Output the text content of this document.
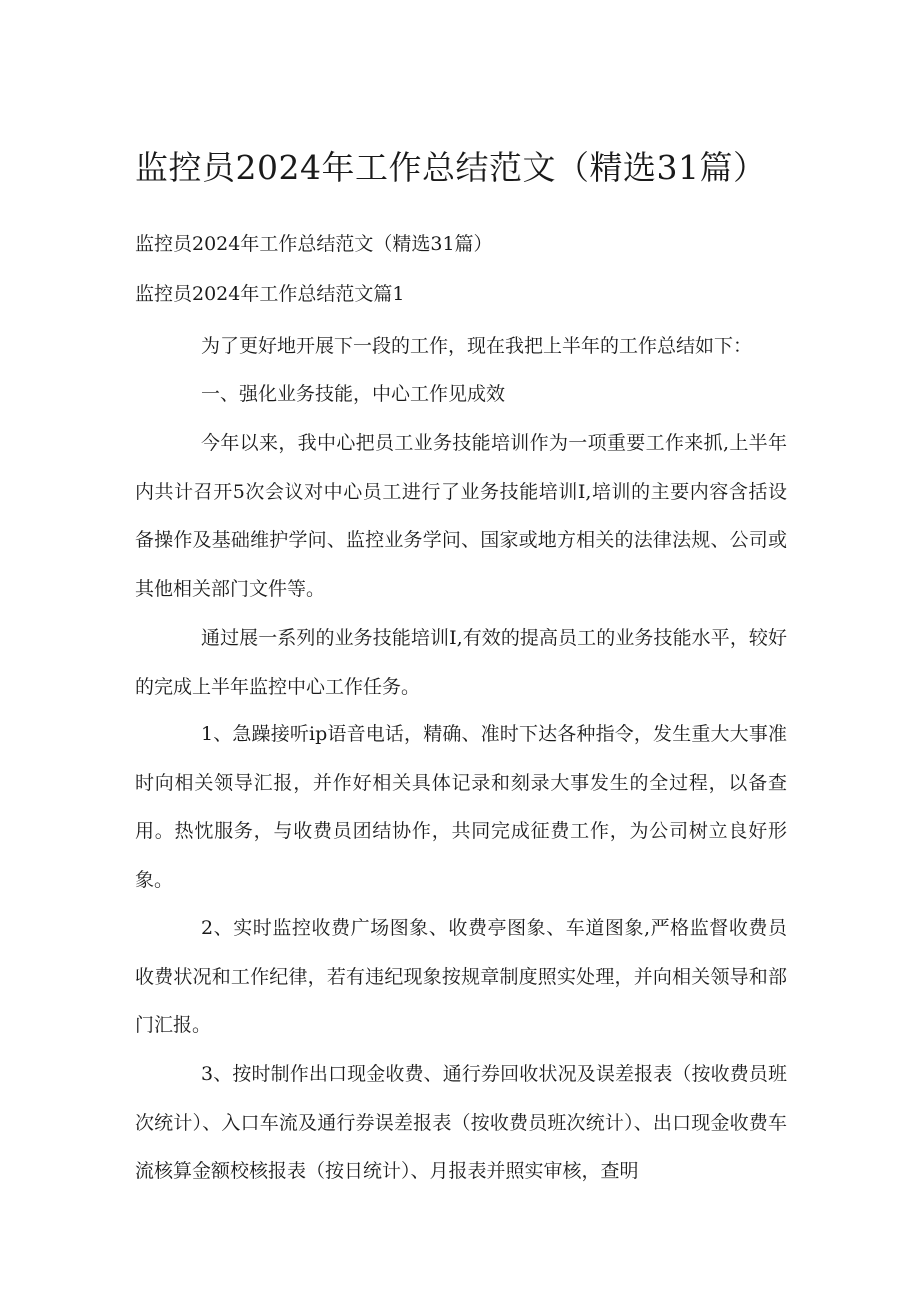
监控员2024年工作总结范文（精选31篇）

监控员2024年工作总结范文（精选31篇）

监控员2024年工作总结范文篇1

为了更好地开展下一段的工作，现在我把上半年的工作总结如下：

一、强化业务技能，中心工作见成效

今年以来，我中心把员工业务技能培训作为一项重要工作来抓,上半年内共计召开5次会议对中心员工进行了业务技能培训I,培训的主要内容含括设备操作及基础维护学问、监控业务学问、国家或地方相关的法律法规、公司或其他相关部门文件等。

通过展一系列的业务技能培训I,有效的提高员工的业务技能水平，较好的完成上半年监控中心工作任务。

1、急躁接听ip语音电话，精确、准时下达各种指令，发生重大大事准时向相关领导汇报，并作好相关具体记录和刻录大事发生的全过程，以备查用。热忱服务，与收费员团结协作，共同完成征费工作，为公司树立良好形象。

2、实时监控收费广场图象、收费亭图象、车道图象,严格监督收费员收费状况和工作纪律，若有违纪现象按规章制度照实处理，并向相关领导和部门汇报。

3、按时制作出口现金收费、通行券回收状况及误差报表（按收费员班次统计）、入口车流及通行券误差报表（按收费员班次统计）、出口现金收费车流核算金额校核报表（按日统计）、月报表并照实审核，查明
